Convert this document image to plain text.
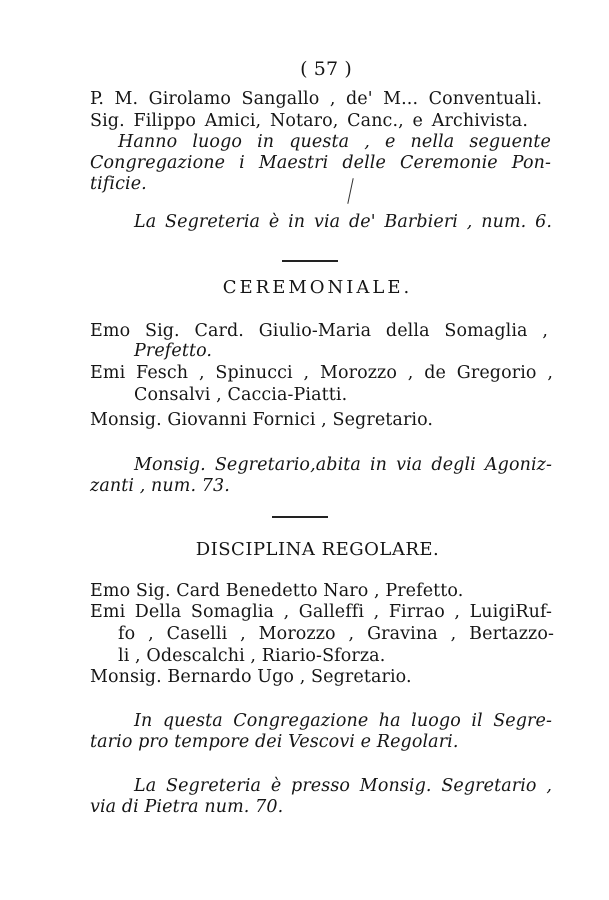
( 57 )
P. M. Girolamo Sangallo , de' M... Conventuali.
Sig. Filippo Amici, Notaro, Canc., e Archivista.
Hanno luogo in questa , e nella seguente
Congregazione i Maestri delle Ceremonie Pon-
tificie.
La Segreteria è in via de' Barbieri , num. 6.
CEREMONIALE.
Emo Sig. Card. Giulio-Maria della Somaglia ,
Prefetto.
Emi Fesch , Spinucci , Morozzo , de Gregorio ,
Consalvi , Caccia-Piatti.
Monsig. Giovanni Fornici , Segretario.
Monsig. Segretario,abita in via degli Agoniz-
zanti , num. 73.
DISCIPLINA REGOLARE.
Emo Sig. Card Benedetto Naro , Prefetto.
Emi Della Somaglia , Galleffi , Firrao , LuigiRuf-
fo , Caselli , Morozzo , Gravina , Bertazzo-
li , Odescalchi , Riario-Sforza.
Monsig. Bernardo Ugo , Segretario.
In questa Congregazione ha luogo il Segre-
tario pro tempore dei Vescovi e Regolari.
La Segreteria è presso Monsig. Segretario ,
via di Pietra num. 70.
